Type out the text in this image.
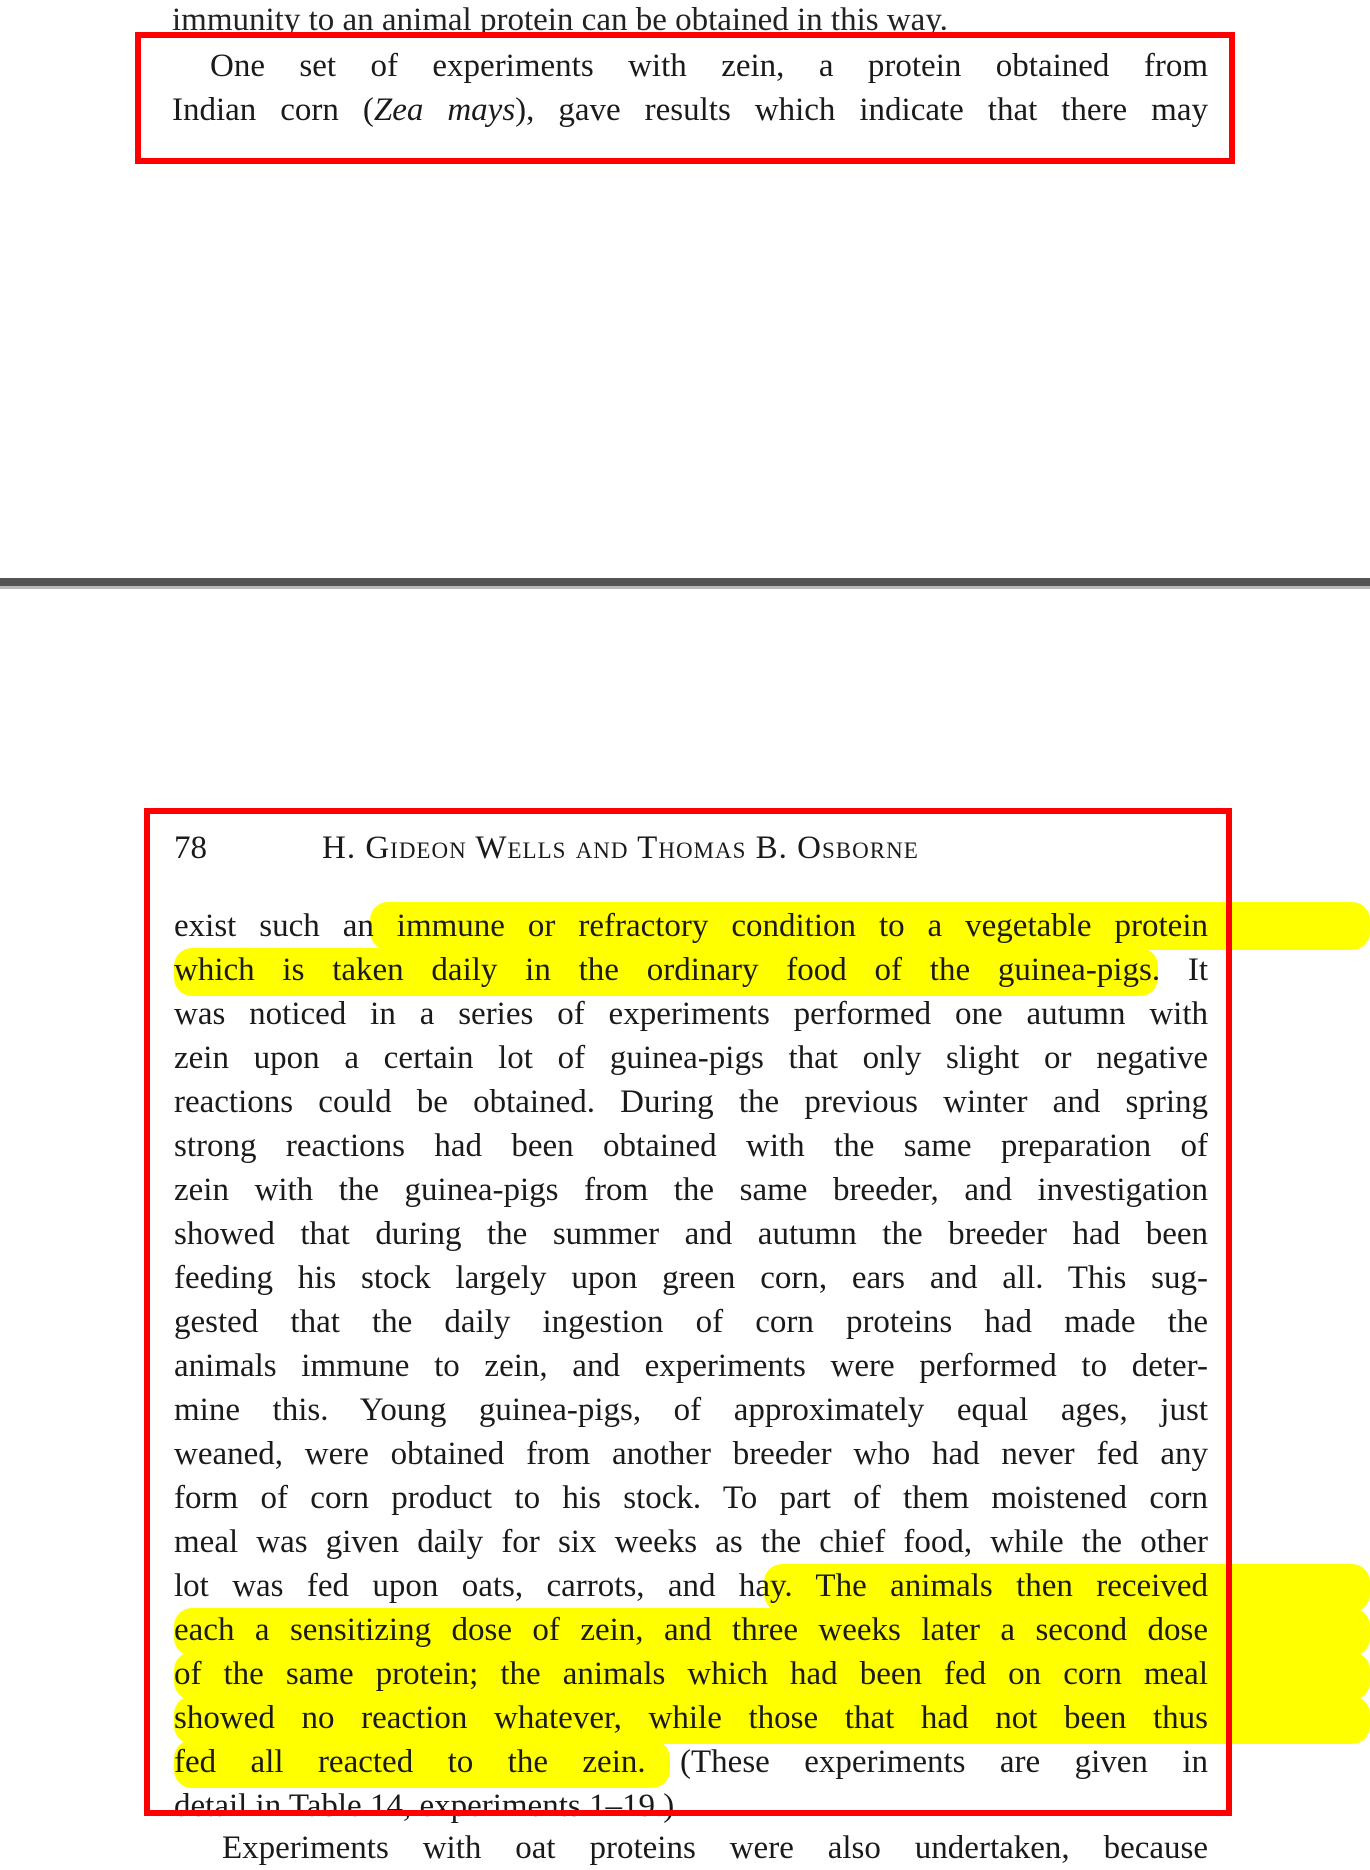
immunity to an animal protein can be obtained in this way.
One set of experiments with zein, a protein obtained from
Indian corn (Zea mays), gave results which indicate that there may
78	H. Gideon Wells and Thomas B. Osborne
exist such an immune or refractory condition to a vegetable protein
which is taken daily in the ordinary food of the guinea-pigs. It
was noticed in a series of experiments performed one autumn with
zein upon a certain lot of guinea-pigs that only slight or negative
reactions could be obtained. During the previous winter and spring
strong reactions had been obtained with the same preparation of
zein with the guinea-pigs from the same breeder, and investigation
showed that during the summer and autumn the breeder had been
feeding his stock largely upon green corn, ears and all. This sug-
gested that the daily ingestion of corn proteins had made the
animals immune to zein, and experiments were performed to deter-
mine this. Young guinea-pigs, of approximately equal ages, just
weaned, were obtained from another breeder who had never fed any
form of corn product to his stock. To part of them moistened corn
meal was given daily for six weeks as the chief food, while the other
lot was fed upon oats, carrots, and hay. The animals then received
each a sensitizing dose of zein, and three weeks later a second dose
of the same protein; the animals which had been fed on corn meal
showed no reaction whatever, while those that had not been thus
fed all reacted to the zein. (These experiments are given in
detail in Table 14, experiments 1–19.)
Experiments with oat proteins were also undertaken, because
